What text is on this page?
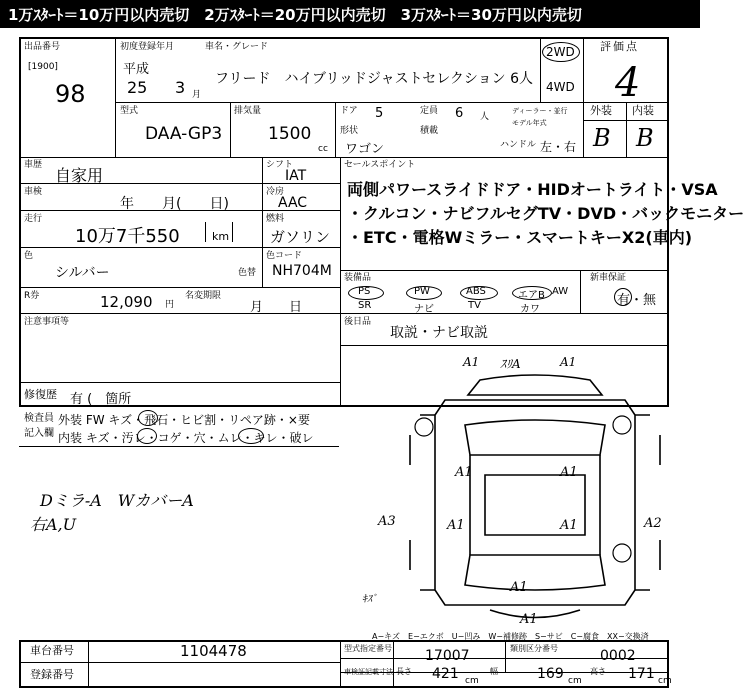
1万ｽﾀｰﾄ＝10万円以内売切　2万ｽﾀｰﾄ＝20万円以内売切　3万ｽﾀｰﾄ＝30万円以内売切
出品番号
[1900]
98
初度登録年月
平成
25 3 月
車名・グレード
フリード　ハイブリッドジャストセレクション 6人
2WD
4WD
評価点
4
外装 内装
B B
型式
DAA-GP3
排気量
1500
cc
ドア 5	定員 6 人
ディーラー・並行
モデル年式
形状
ワゴン
積載
ハンドル 左・右
車歴
自家用
車検
年　　月(　　日)
走行
10万7千550	km
シフト
IAT
冷房
AAC
燃料
ガソリン
色
シルバー	色替
色コード
NH704M
R券	12,090 円
名変期限
月　　日
注意事項等
修復歴 有 (　箇所
セールスポイント
両側パワースライドドア・HIDオートライト・VSA
・クルコン・ナビフルセグTV・DVD・バックモニター
・ETC・電格Wミラー・スマートキーX2(車内)
装備品
PS	PW	ABS	エアB AW
SR	ナビ	TV	カワ
新車保証
有・無
後日品
取説・ナビ取説
検査員
記入欄
外装 FW キズ・飛石・ヒビ割・リペア跡・×要
内装 キズ・汚レ・コゲ・穴・ムレ・キレ・破レ
Dミラ-A　WカバーA
右A,U
A1 ｽﾘA	A1
A1	A1
A1	A1
A3	A2
A1
A1
ｷｽﾞ
A−キズ　E−エクボ　U−凹み　W−補修跡　S−サビ　C−腐食　XX−交換済
車台番号	1104478
登録番号
型式指定番号 17007	類別区分番号	0002
車検証記載寸法 長さ 421 cm
幅	169 cm
高さ 171 cm
